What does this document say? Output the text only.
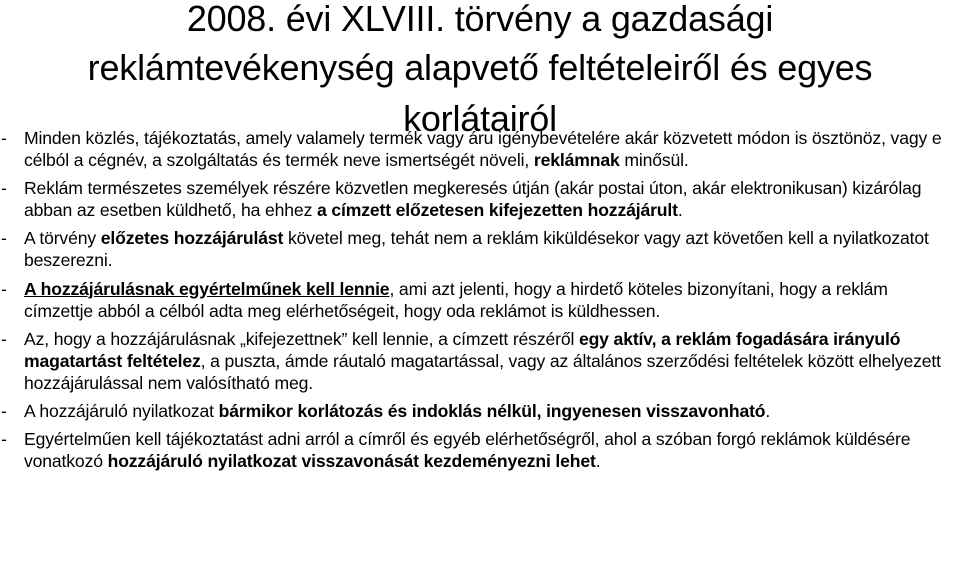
2008. évi XLVIII. törvény a gazdasági
reklámtevékenység alapvető feltételeiről és egyes
korlátairól
- Minden közlés, tájékoztatás, amely valamely termék vagy áru igénybevételére akár közvetett módon is ösztönöz, vagy e célból a cégnév, a szolgáltatás és termék neve ismertségét növeli, reklámnak minősül.
- Reklám természetes személyek részére közvetlen megkeresés útján (akár postai úton, akár elektronikusan) kizárólag abban az esetben küldhető, ha ehhez a címzett előzetesen kifejezetten hozzájárult.
- A törvény előzetes hozzájárulást követel meg, tehát nem a reklám kiküldésekor vagy azt követően kell a nyilatkozatot beszerezni.
- A hozzájárulásnak egyértelműnek kell lennie, ami azt jelenti, hogy a hirdető köteles bizonyítani, hogy a reklám címzettje abból a célból adta meg elérhetőségeit, hogy oda reklámot is küldhessen.
- Az, hogy a hozzájárulásnak „kifejezettnek” kell lennie, a címzett részéről egy aktív, a reklám fogadására irányuló magatartást feltételez, a puszta, ámde ráutaló magatartással, vagy az általános szerződési feltételek között elhelyezett hozzájárulással nem valósítható meg.
- A hozzájáruló nyilatkozat bármikor korlátozás és indoklás nélkül, ingyenesen visszavonható.
- Egyértelműen kell tájékoztatást adni arról a címről és egyéb elérhetőségről, ahol a szóban forgó reklámok küldésére vonatkozó hozzájáruló nyilatkozat visszavonását kezdeményezni lehet.
